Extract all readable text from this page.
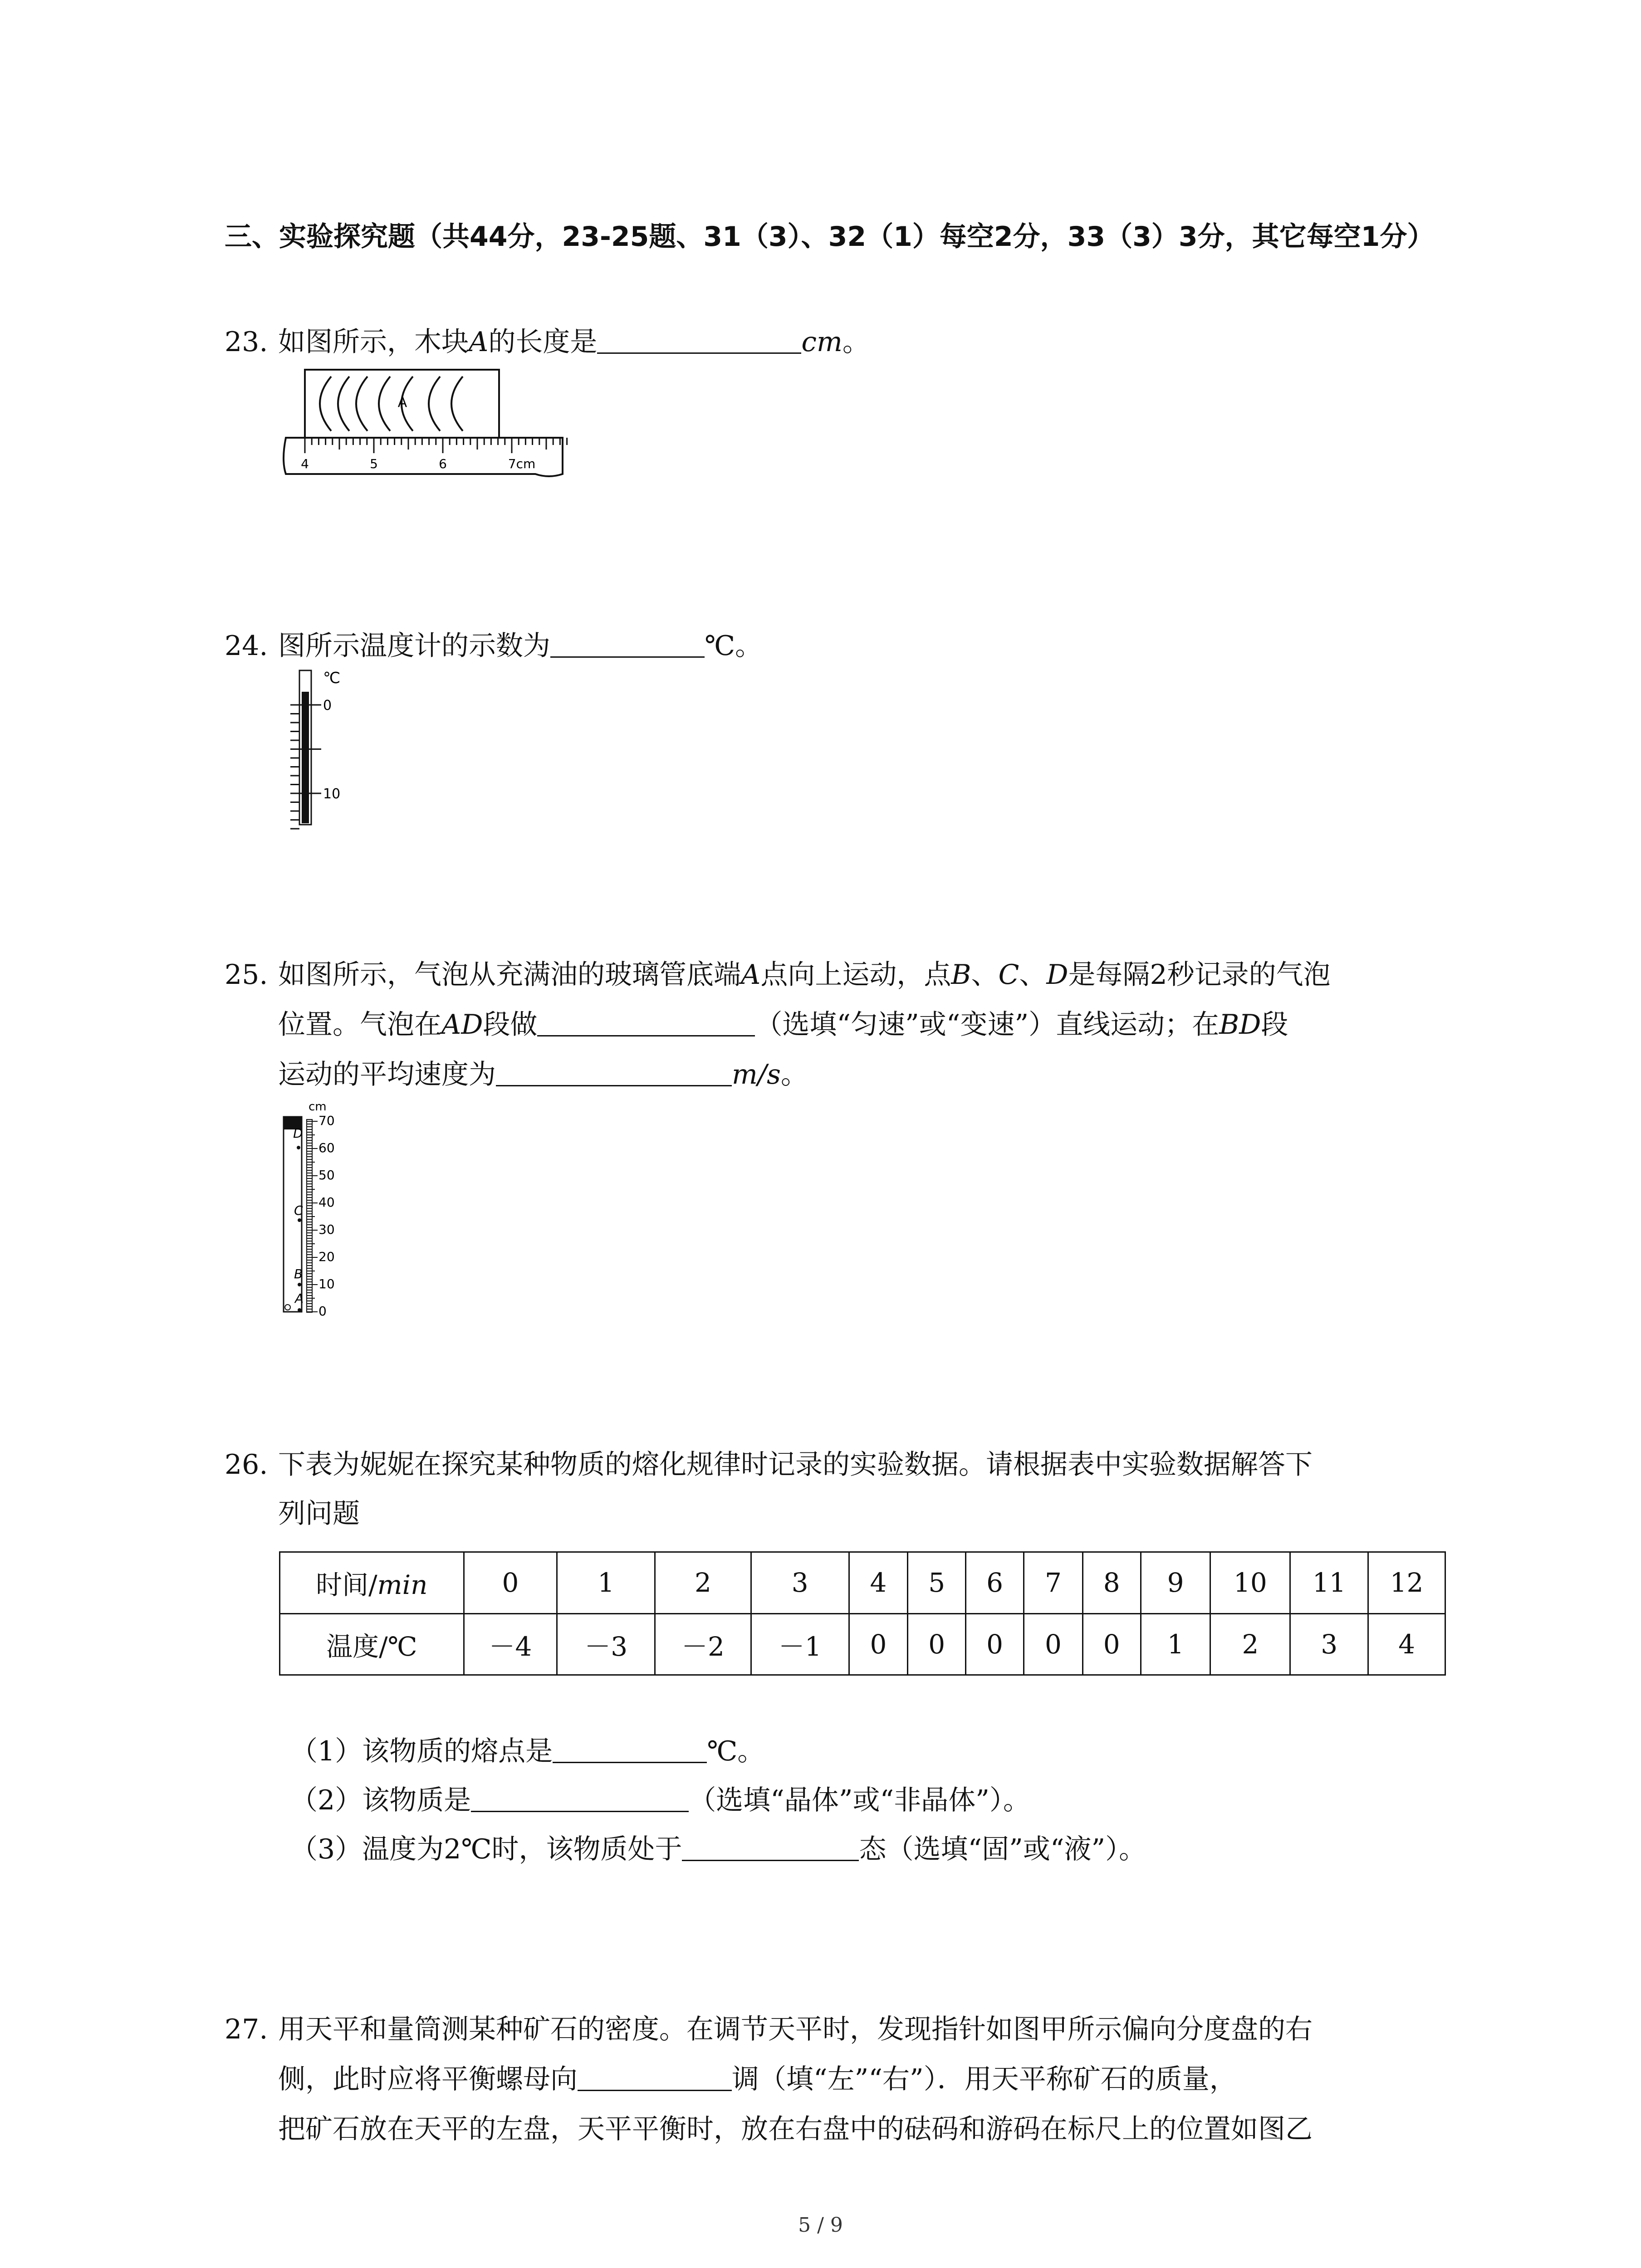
三、实验探究题（共44分，23-25题、31（3）、32（1）每空2分，33（3）3分，其它每空1分）
23. 如图所示，木块A的长度是	cm。
A
4	5	6	7cm
24. 图所示温度计的示数为	℃。
℃
0
10
25. 如图所示，气泡从充满油的玻璃管底端A点向上运动，点B、C、D是每隔2秒记录的气泡
位置。气泡在AD段做	（选填“匀速”或“变速”）直线运动；在BD段
运动的平均速度为	m/s。
cm
70
60
50
40
30
20
10
0
D
C
B
A
26. 下表为妮妮在探究某种物质的熔化规律时记录的实验数据。请根据表中实验数据解答下
列问题
时间/min	0	1	2	3	4	5	6	7	8	9	10	11	12
温度/℃	－4	－3	－2	－1	0	0	0	0	0	1	2	3	4
（1）该物质的熔点是	℃。
（2）该物质是	（选填“晶体”或“非晶体”）。
（3）温度为2℃时，该物质处于	态（选填“固”或“液”）。
27. 用天平和量筒测某种矿石的密度。在调节天平时，发现指针如图甲所示偏向分度盘的右
侧，此时应将平衡螺母向	调（填“左”“右”）．用天平称矿石的质量，
把矿石放在天平的左盘，天平平衡时，放在右盘中的砝码和游码在标尺上的位置如图乙
5 / 9
